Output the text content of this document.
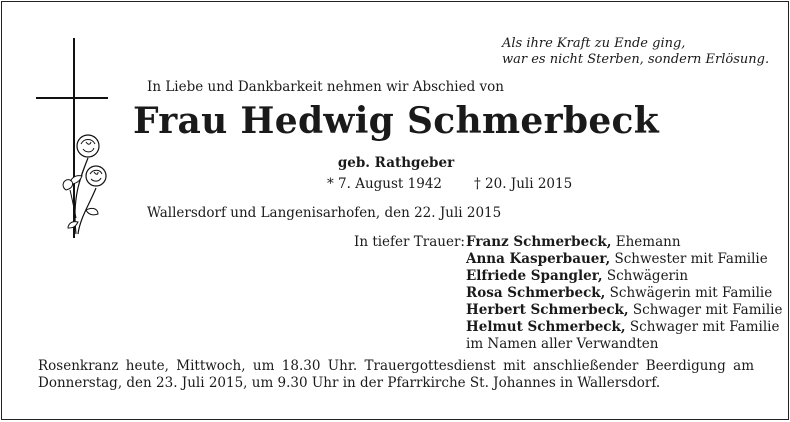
Als ihre Kraft zu Ende ging,
war es nicht Sterben, sondern Erlösung.
In Liebe und Dankbarkeit nehmen wir Abschied von
Frau Hedwig Schmerbeck
geb. Rathgeber
* 7. August 1942 † 20. Juli 2015
Wallersdorf und Langenisarhofen, den 22. Juli 2015
In tiefer Trauer: Franz Schmerbeck, Ehemann
Anna Kasperbauer, Schwester mit Familie
Elfriede Spangler, Schwägerin
Rosa Schmerbeck, Schwägerin mit Familie
Herbert Schmerbeck, Schwager mit Familie
Helmut Schmerbeck, Schwager mit Familie
im Namen aller Verwandten
Rosenkranz heute, Mittwoch, um 18.30 Uhr. Trauergottesdienst mit anschließender Beerdigung am Donnerstag, den 23. Juli 2015, um 9.30 Uhr in der Pfarrkirche St. Johannes in Wallersdorf.
